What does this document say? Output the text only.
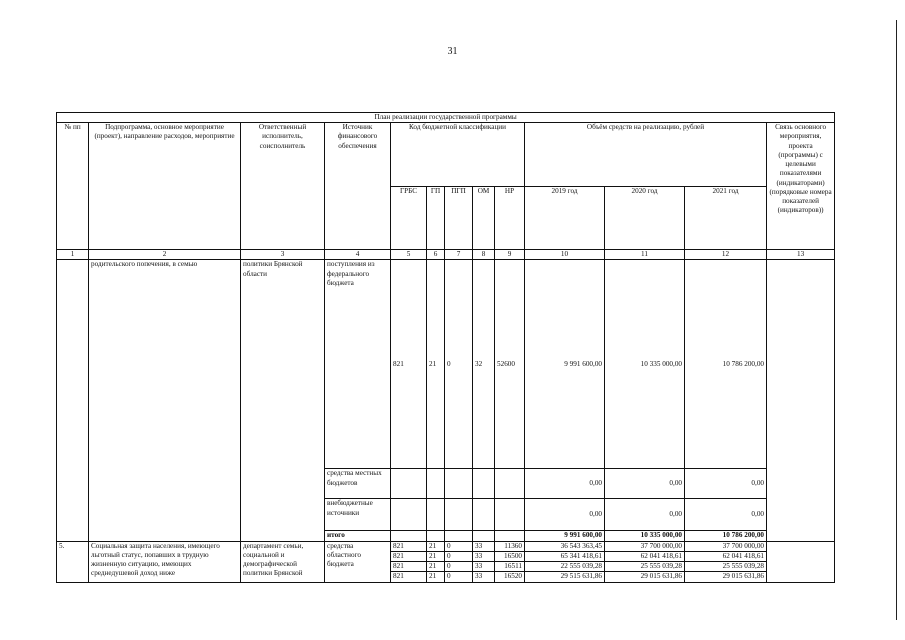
31
План реализации государственной программы												
№ пп	Подпрограмма, основное мероприятие (проект), направление расходов, мероприятие	Ответственный исполнитель, соисполнитель	Источник финансового обеспечения	Код бюджетной классификации					Объём средств на реализацию, рублей			Связь основного мероприятия, проекта (программы) с целевыми показателями (индикаторами) (порядковые номера показателей (индикаторов))
				ГРБС	ГП	ПГП	ОМ	НР	2019 год	2020 год	2021 год	
1	2	3	4	5	6	7	8	9	10	11	12	13
	родительского попечения, в семью	политики Брянской области	поступления из федерального бюджета	821	21	0	32	52600	9 991 600,00	10 335 000,00	10 786 200,00	
			средства местных бюджетов						0,00	0,00	0,00	
			внебюджетные источники						0,00	0,00	0,00	
			итого						9 991 600,00	10 335 000,00	10 786 200,00	
5.	Социальная защита населения, имеющего льготный статус, попавших в трудную жизненную ситуацию, имеющих среднедушевой доход ниже	департамент семьи, социальной и демографической политики Брянской	средства областного бюджета	821	21	0	33	11360	36 543 363,45	37 700 000,00	37 700 000,00	
				821	21	0	33	16500	65 341 418,61	62 041 418,61	62 041 418,61	
				821	21	0	33	16511	22 555 039,28	25 555 039,28	25 555 039,28	
				821	21	0	33	16520	29 515 631,86	29 015 631,86	29 015 631,86	
